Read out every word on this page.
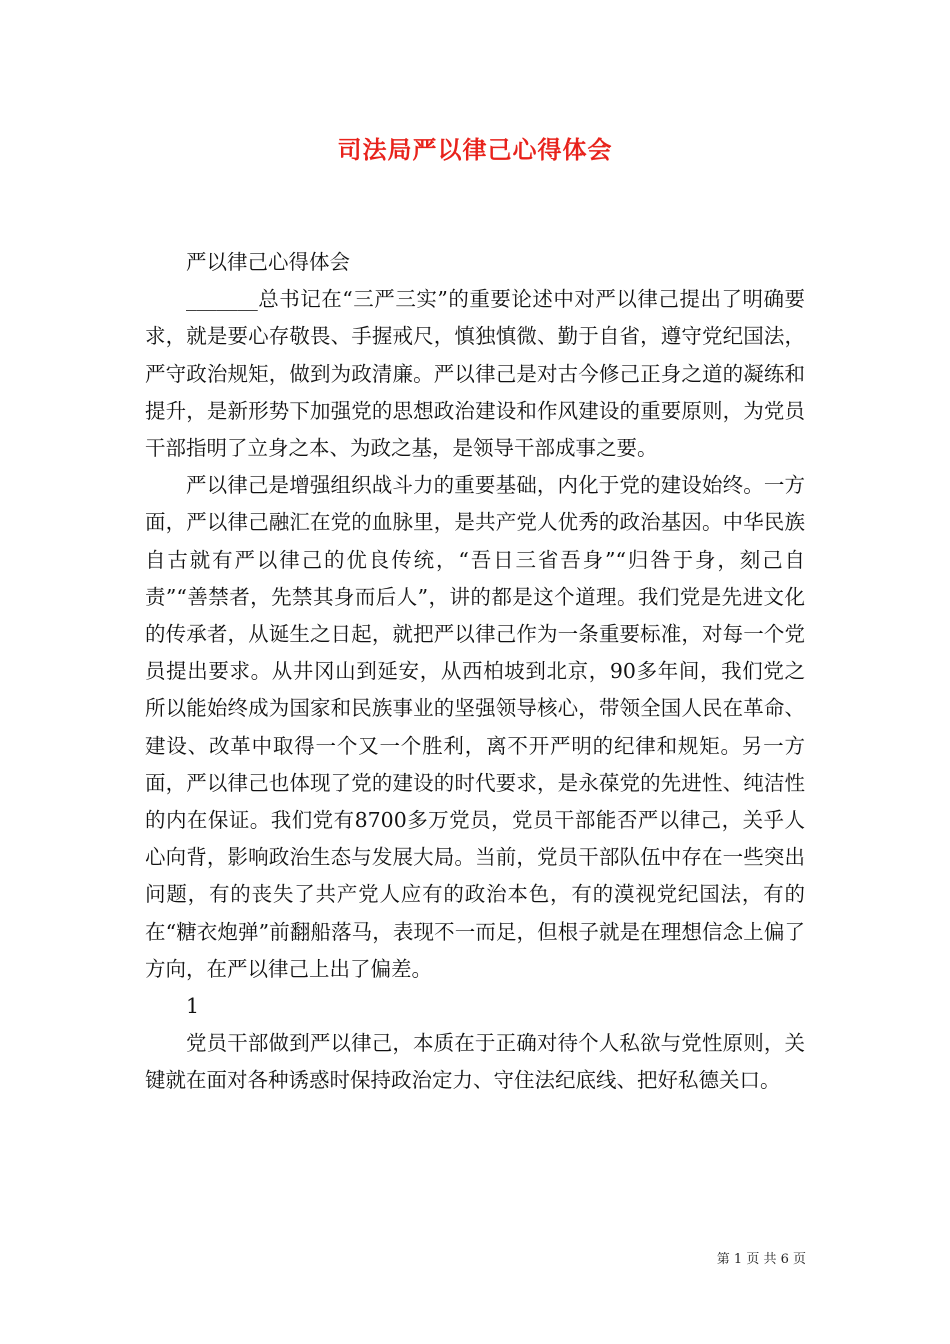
司法局严以律己心得体会

严以律己心得体会

_______总书记在“三严三实”的重要论述中对严以律己提出了明确要求，就是要心存敬畏、手握戒尺，慎独慎微、勤于自省，遵守党纪国法，严守政治规矩，做到为政清廉。严以律己是对古今修己正身之道的凝练和提升，是新形势下加强党的思想政治建设和作风建设的重要原则，为党员干部指明了立身之本、为政之基，是领导干部成事之要。

严以律己是增强组织战斗力的重要基础，内化于党的建设始终。一方面，严以律己融汇在党的血脉里，是共产党人优秀的政治基因。中华民族自古就有严以律己的优良传统，“吾日三省吾身”“归咎于身，刻己自责”“善禁者，先禁其身而后人”，讲的都是这个道理。我们党是先进文化的传承者，从诞生之日起，就把严以律己作为一条重要标准，对每一个党员提出要求。从井冈山到延安，从西柏坡到北京，90多年间，我们党之所以能始终成为国家和民族事业的坚强领导核心，带领全国人民在革命、建设、改革中取得一个又一个胜利，离不开严明的纪律和规矩。另一方面，严以律己也体现了党的建设的时代要求，是永葆党的先进性、纯洁性的内在保证。我们党有8700多万党员，党员干部能否严以律己，关乎人心向背，影响政治生态与发展大局。当前，党员干部队伍中存在一些突出问题，有的丧失了共产党人应有的政治本色，有的漠视党纪国法，有的在“糖衣炮弹”前翻船落马，表现不一而足，但根子就是在理想信念上偏了方向，在严以律己上出了偏差。

1

党员干部做到严以律己，本质在于正确对待个人私欲与党性原则，关键就在面对各种诱惑时保持政治定力、守住法纪底线、把好私德关口。

第 1 页 共 6 页
